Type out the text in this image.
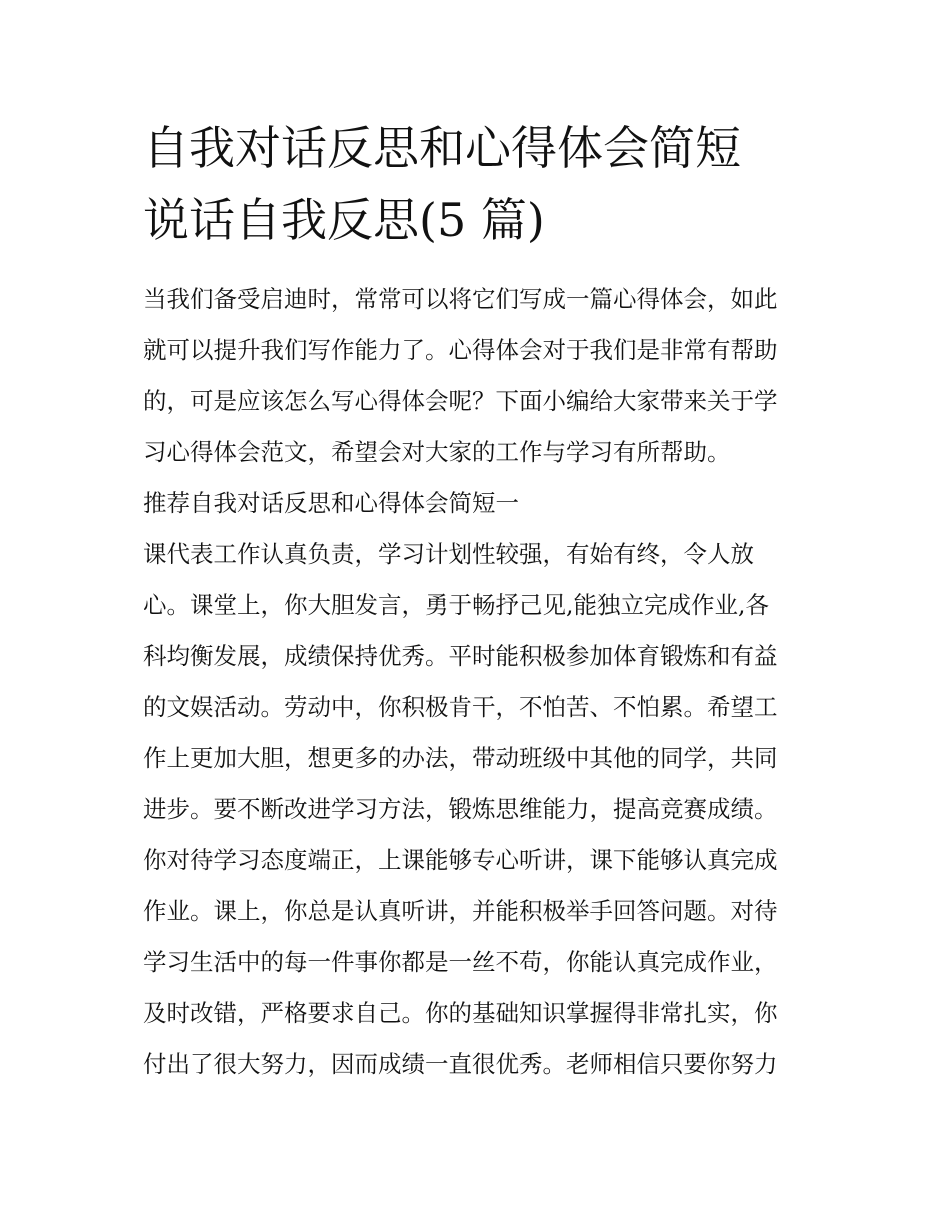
自我对话反思和心得体会简短
说话自我反思(5 篇)

当我们备受启迪时，常常可以将它们写成一篇心得体会，如此
就可以提升我们写作能力了。心得体会对于我们是非常有帮助
的，可是应该怎么写心得体会呢？下面小编给大家带来关于学
习心得体会范文，希望会对大家的工作与学习有所帮助。

推荐自我对话反思和心得体会简短一

课代表工作认真负责，学习计划性较强，有始有终，令人放
心。课堂上，你大胆发言，勇于畅抒己见,能独立完成作业,各
科均衡发展，成绩保持优秀。平时能积极参加体育锻炼和有益
的文娱活动。劳动中，你积极肯干，不怕苦、不怕累。希望工
作上更加大胆，想更多的办法，带动班级中其他的同学，共同
进步。要不断改进学习方法，锻炼思维能力，提高竞赛成绩。

你对待学习态度端正，上课能够专心听讲，课下能够认真完成
作业。课上，你总是认真听讲，并能积极举手回答问题。对待
学习生活中的每一件事你都是一丝不苟，你能认真完成作业，
及时改错，严格要求自己。你的基础知识掌握得非常扎实，你
付出了很大努力，因而成绩一直很优秀。老师相信只要你努力
